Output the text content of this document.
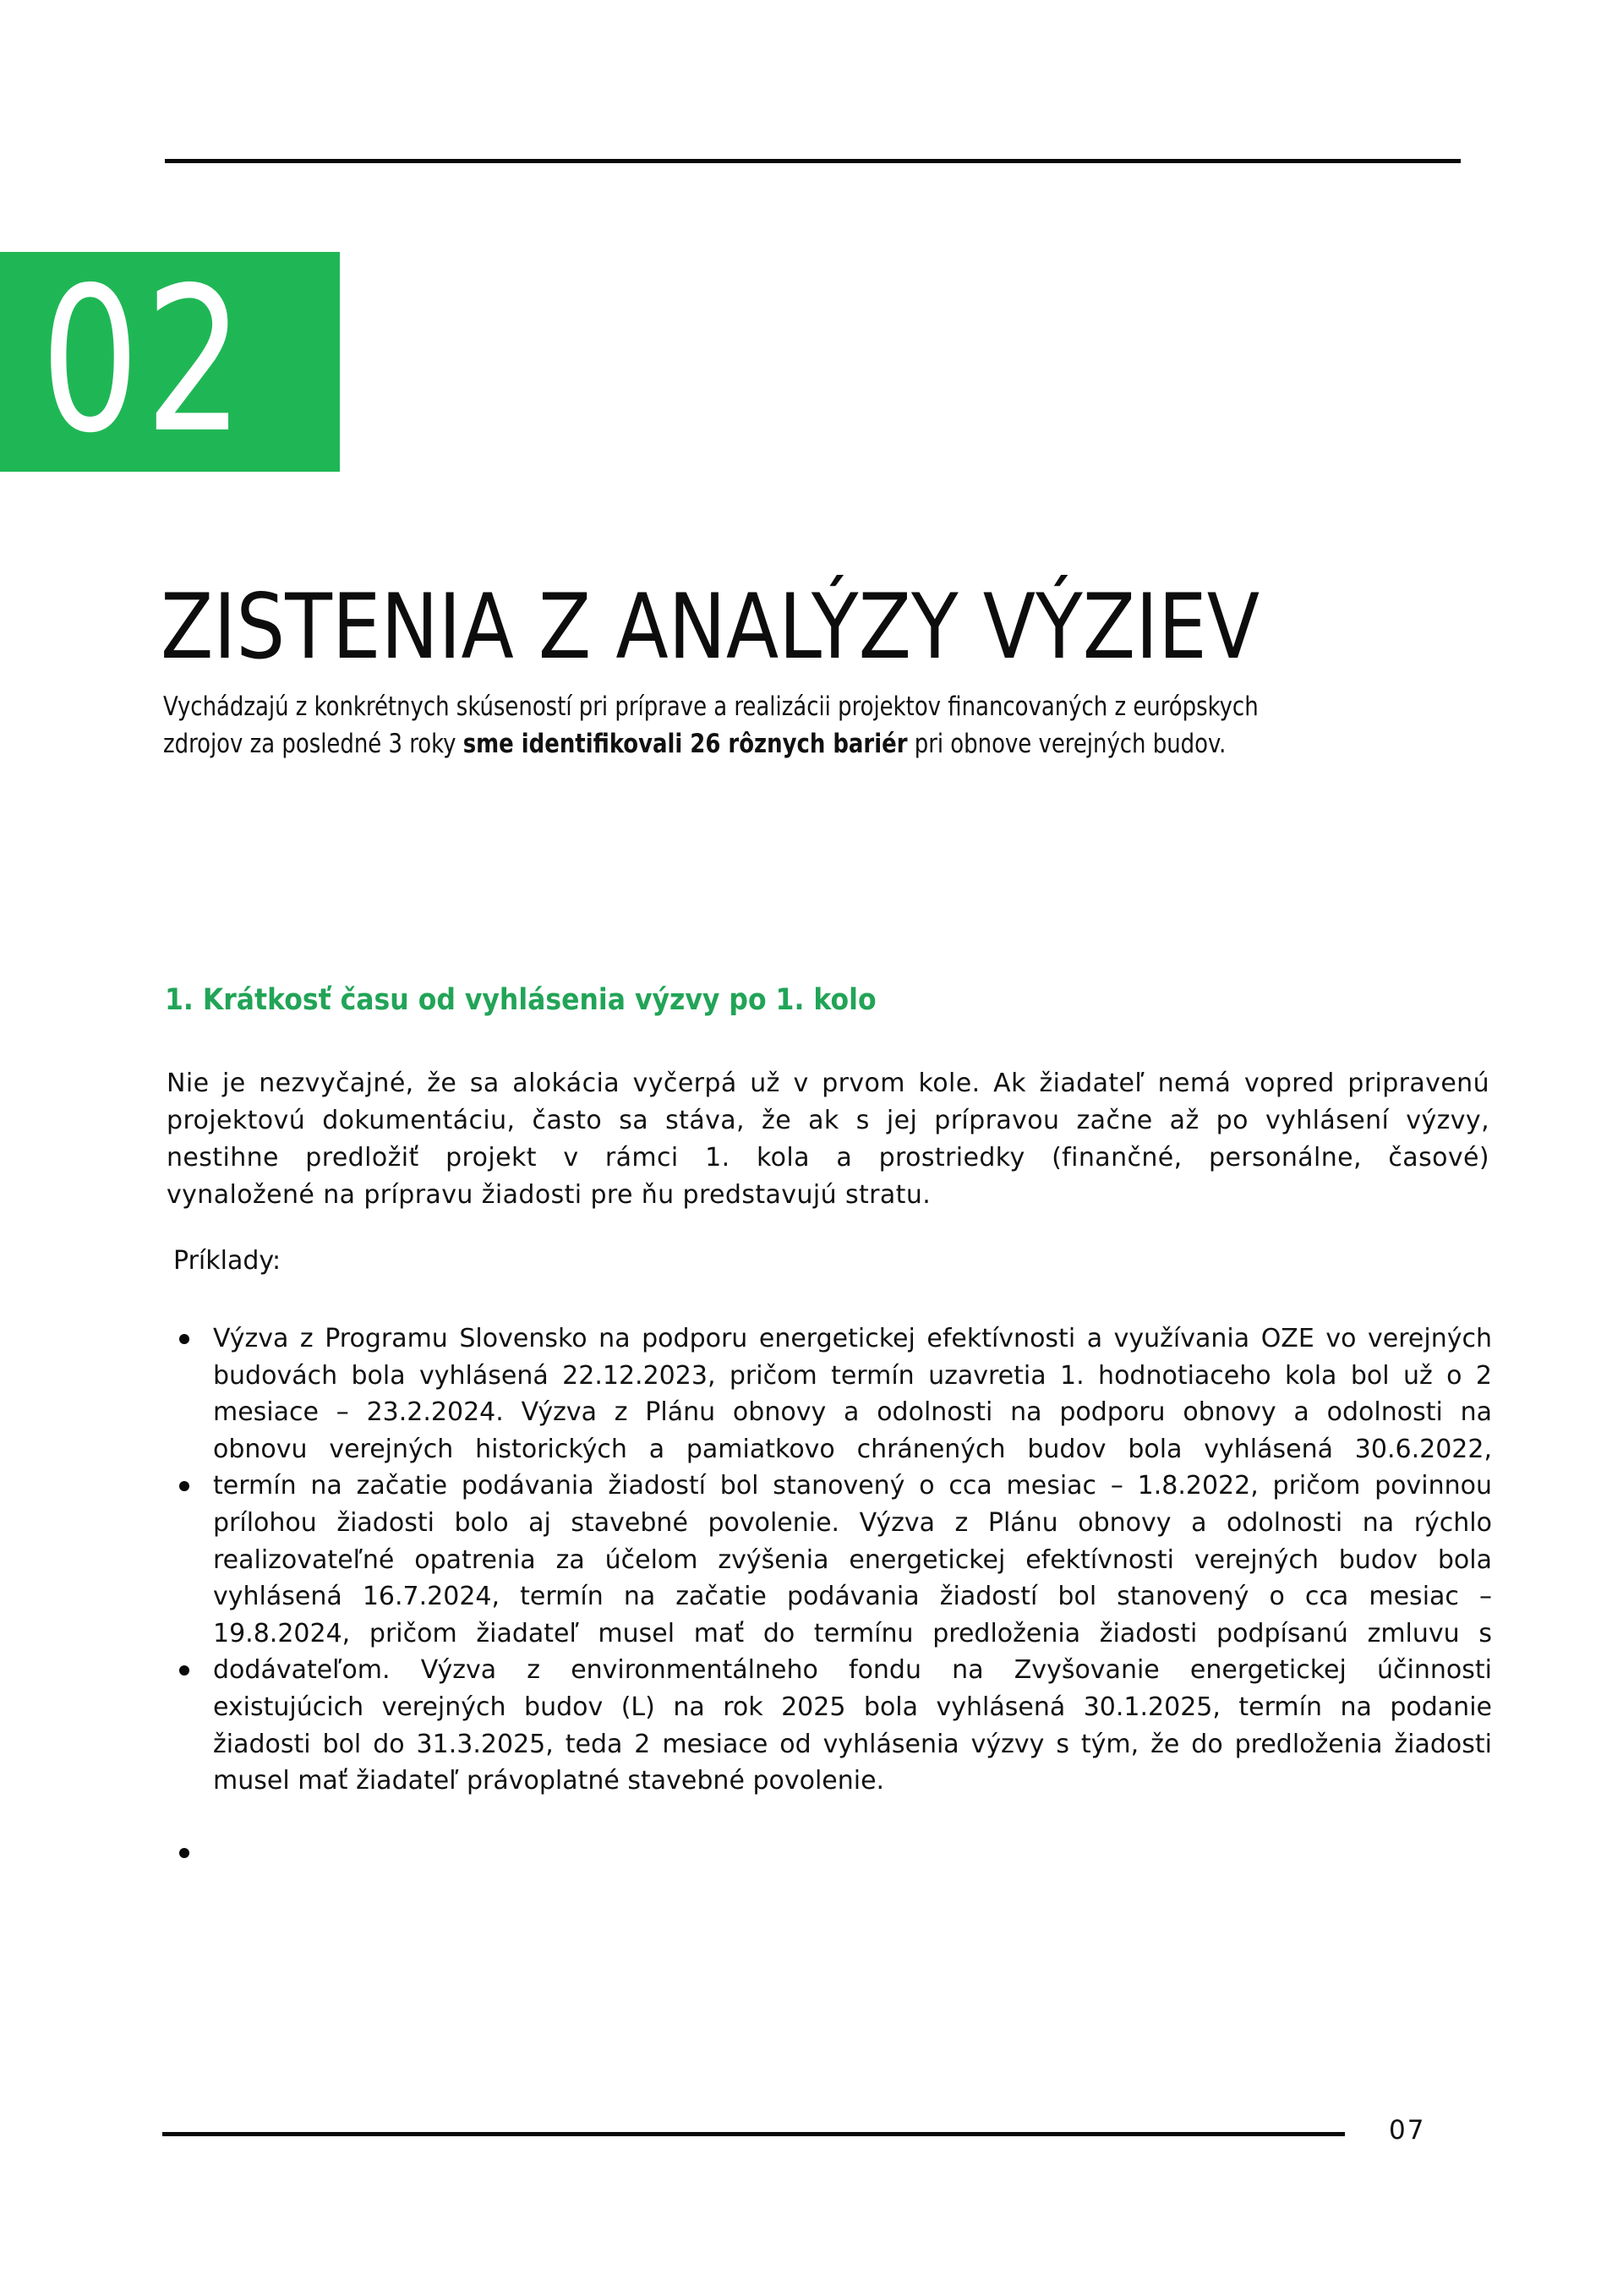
02
ZISTENIA Z ANALÝZY VÝZIEV
Vychádzajú z konkrétnych skúseností pri príprave a realizácii projektov financovaných z európskych
zdrojov za posledné 3 roky sme identifikovali 26 rôznych bariér pri obnove verejných budov.
1. Krátkosť času od vyhlásenia výzvy po 1. kolo
Nie je nezvyčajné, že sa alokácia vyčerpá už v prvom kole. Ak žiadateľ nemá vopred pripravenú
projektovú dokumentáciu, často sa stáva, že ak s jej prípravou začne až po vyhlásení výzvy,
nestihne predložiť projekt v rámci 1. kola a prostriedky (finančné, personálne, časové)
vynaložené na prípravu žiadosti pre ňu predstavujú stratu.

Príklady:

Výzva z Programu Slovensko na podporu energetickej efektívnosti a využívania OZE vo verejných
budovách bola vyhlásená 22.12.2023, pričom termín uzavretia 1. hodnotiaceho kola bol už o 2
mesiace – 23.2.2024. Výzva z Plánu obnovy a odolnosti na podporu obnovy a odolnosti na
obnovu verejných historických a pamiatkovo chránených budov bola vyhlásená 30.6.2022,
termín na začatie podávania žiadostí bol stanovený o cca mesiac – 1.8.2022, pričom povinnou
prílohou žiadosti bolo aj stavebné povolenie. Výzva z Plánu obnovy a odolnosti na rýchlo
realizovateľné opatrenia za účelom zvýšenia energetickej efektívnosti verejných budov bola
vyhlásená 16.7.2024, termín na začatie podávania žiadostí bol stanovený o cca mesiac –
19.8.2024, pričom žiadateľ musel mať do termínu predloženia žiadosti podpísanú zmluvu s
dodávateľom. Výzva z environmentálneho fondu na Zvyšovanie energetickej účinnosti
existujúcich verejných budov (L) na rok 2025 bola vyhlásená 30.1.2025, termín na podanie
žiadosti bol do 31.3.2025, teda 2 mesiace od vyhlásenia výzvy s tým, že do predloženia žiadosti
musel mať žiadateľ právoplatné stavebné povolenie.

07
